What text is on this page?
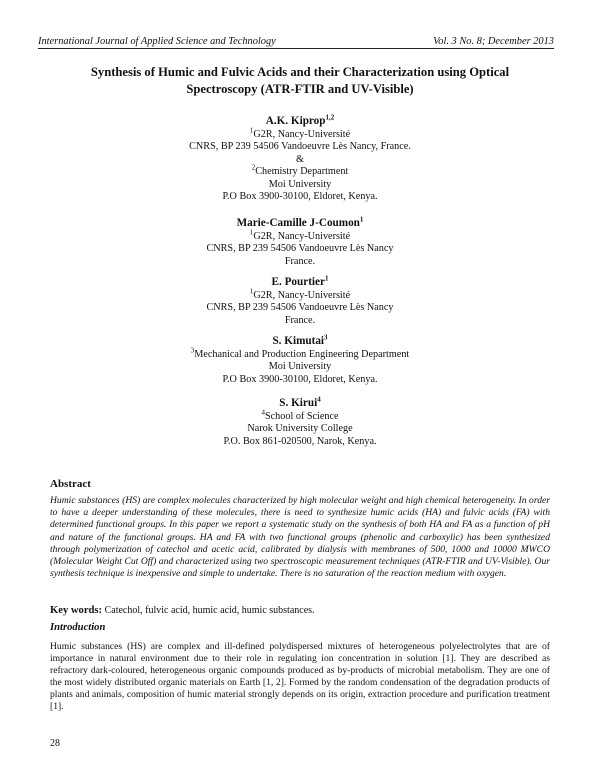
International Journal of Applied Science and Technology	Vol. 3 No. 8; December 2013
Synthesis of Humic and Fulvic Acids and their Characterization using Optical
Spectroscopy (ATR-FTIR and UV-Visible)
A.K. Kiprop$^{1,2}$
$^1$G2R, Nancy-Université
CNRS, BP 239 54506 Vandoeuvre Lès Nancy, France.
&
$^2$Chemistry Department
Moi University
P.O Box 3900-30100, Eldoret, Kenya.
Marie-Camille J-Coumon$^1$
$^1$G2R, Nancy-Université
CNRS, BP 239 54506 Vandoeuvre Lès Nancy
France.
E. Pourtier$^1$
$^1$G2R, Nancy-Université
CNRS, BP 239 54506 Vandoeuvre Lès Nancy
France.
S. Kimutai$^3$
$^3$Mechanical and Production Engineering Department
Moi University
P.O Box 3900-30100, Eldoret, Kenya.
S. Kirui$^4$
$^4$School of Science
Narok University College
P.O. Box 861-020500, Narok, Kenya.
Abstract
Humic substances (HS) are complex molecules characterized by high molecular weight and high chemical heterogeneity. In order to have a deeper understanding of these molecules, there is need to synthesize humic acids (HA) and fulvic acids (FA) with determined functional groups. In this paper we report a systematic study on the synthesis of both HA and FA as a function of pH and nature of the functional groups. HA and FA with two functional groups (phenolic and carboxylic) has been synthesized through polymerization of catechol and acetic acid, calibrated by dialysis with membranes of 500, 1000 and 10000 MWCO (Molecular Weight Cut Off) and characterized using two spectroscopic measurement techniques (ATR-FTIR and UV-Visible). Our synthesis technique is inexpensive and simple to undertake. There is no saturation of the reaction medium with oxygen.
Key words: Catechol, fulvic acid, humic acid, humic substances.
Introduction
Humic substances (HS) are complex and ill-defined polydispersed mixtures of heterogeneous polyelectrolytes that are of importance in natural environment due to their role in regulating ion concentration in solution [1]. They are described as refractory dark-coloured, heterogeneous organic compounds produced as by-products of microbial metabolism. They are one of the most widely distributed organic materials on Earth [1, 2]. Formed by the random condensation of the degradation products of plants and animals, composition of humic material strongly depends on its origin, extraction procedure and purification treatment [1].
28
